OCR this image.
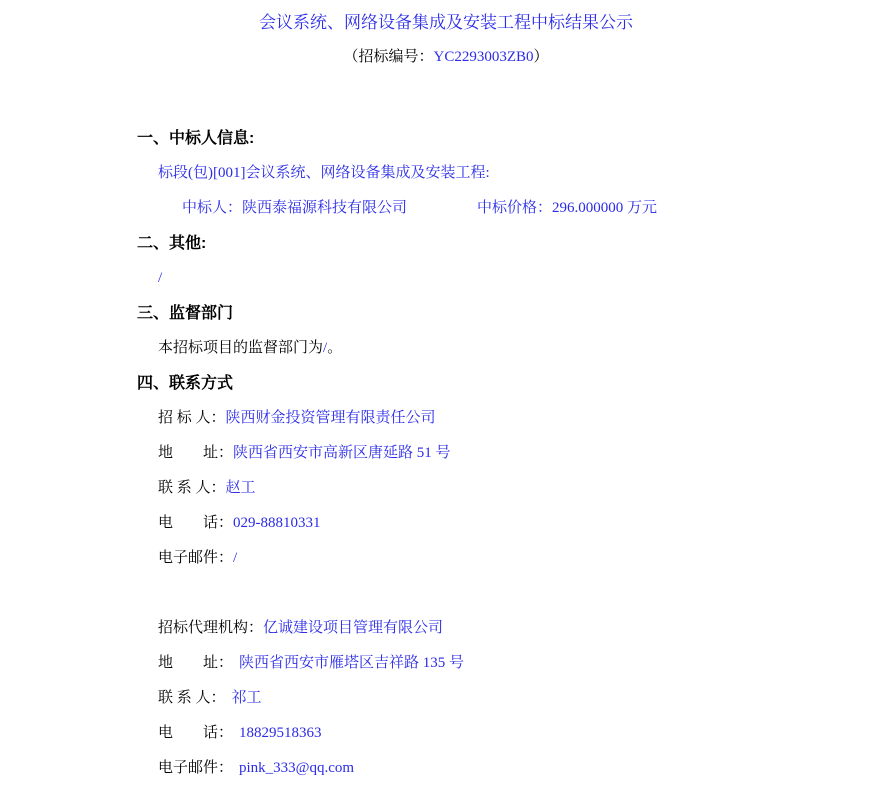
会议系统、网络设备集成及安装工程中标结果公示
（招标编号：YC2293003ZB0）
一、中标人信息:
标段(包)[001]会议系统、网络设备集成及安装工程:
中标人：陕西泰福源科技有限公司	中标价格：296.000000 万元
二、其他:
/
三、监督部门
本招标项目的监督部门为/。
四、联系方式
招 标 人：陕西财金投资管理有限责任公司
地　　址：陕西省西安市高新区唐延路 51 号
联 系 人：赵工
电　　话：029-88810331
电子邮件：/
招标代理机构：亿诚建设项目管理有限公司
地　　址： 陕西省西安市雁塔区吉祥路 135 号
联 系 人： 祁工
电　　话： 18829518363
电子邮件： pink_333@qq.com
